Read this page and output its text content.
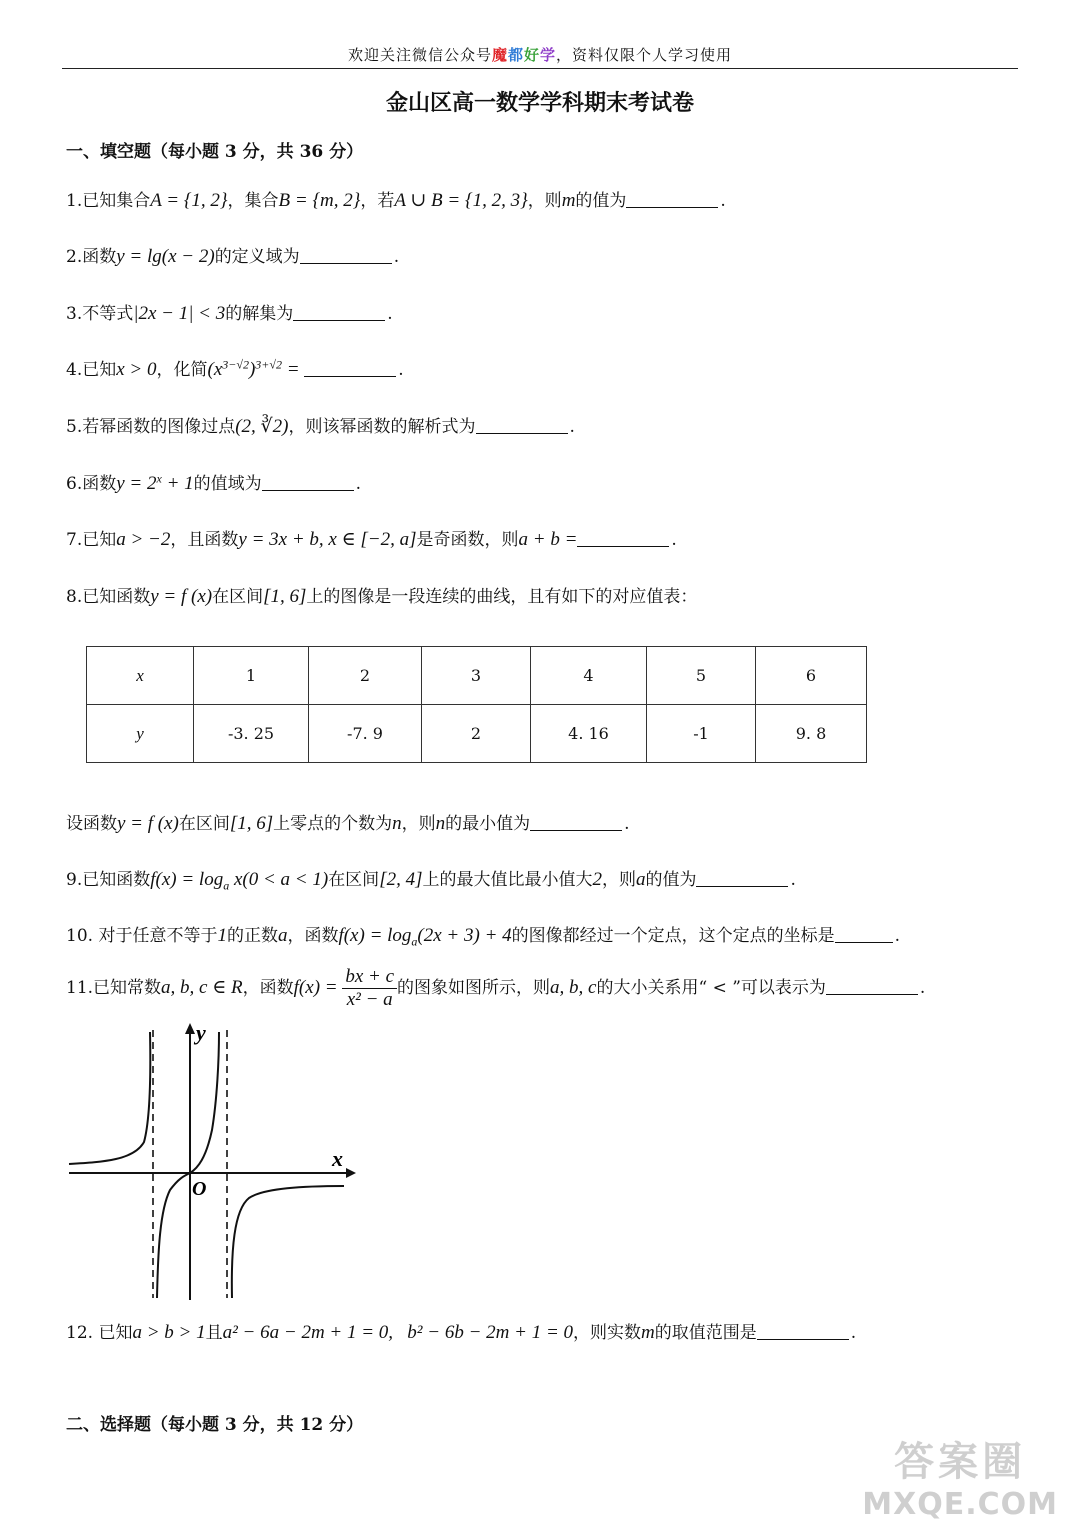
欢迎关注微信公众号魔都好学，资料仅限个人学习使用
金山区高一数学学科期末考试卷
一、填空题（每小题 3 分，共 36 分）
1.已知集合A = {1, 2}，集合B = {m, 2}，若A ∪ B = {1, 2, 3}，则m的值为	.
2.函数y = lg(x − 2)的定义域为	.
3.不等式|2x − 1| < 3的解集为	.
4.已知x > 0，化简$(x^{3-√2})^{3+√2}$ =	.
5.若幂函数的图像过点(2, ∛2)，则该幂函数的解析式为	.
6.函数$y = 2^x + 1$的值域为	.
7.已知a > −2，且函数y = 3x + b, x ∈ [−2, a]是奇函数，则a + b =	.
8.已知函数y = f (x)在区间[1, 6]上的图像是一段连续的曲线，且有如下的对应值表：
x	1	2	3	4	5	6
y	-3. 25	-7. 9	2	4. 16	-1	9. 8
设函数y = f (x)在区间[1, 6]上零点的个数为n，则n的最小值为	.
9.已知函数$f(x) = \log_a x(0 < a < 1)$在区间[2, 4]上的最大值比最小值大2，则a的值为	.
10. 对于任意不等于1的正数a，函数$f(x) = \log_a(2x + 3) + 4$的图像都经过一个定点，这个定点的坐标是	.
11.已知常数a, b, c ∈ R，函数$f(x) = \frac{bx + c}{\text{x² − a}}$ 的图象如图所示，则a, b, c的大小关系用“ < ”可以表示为	.
x
y
O
12. 已知a > b > 1且a² − 6a − 2m + 1 = 0,   b² − 6b − 2m + 1 = 0，则实数m的取值范围是	.
二、选择题（每小题 3 分，共 12 分）
答案圈
MXQE.COM
